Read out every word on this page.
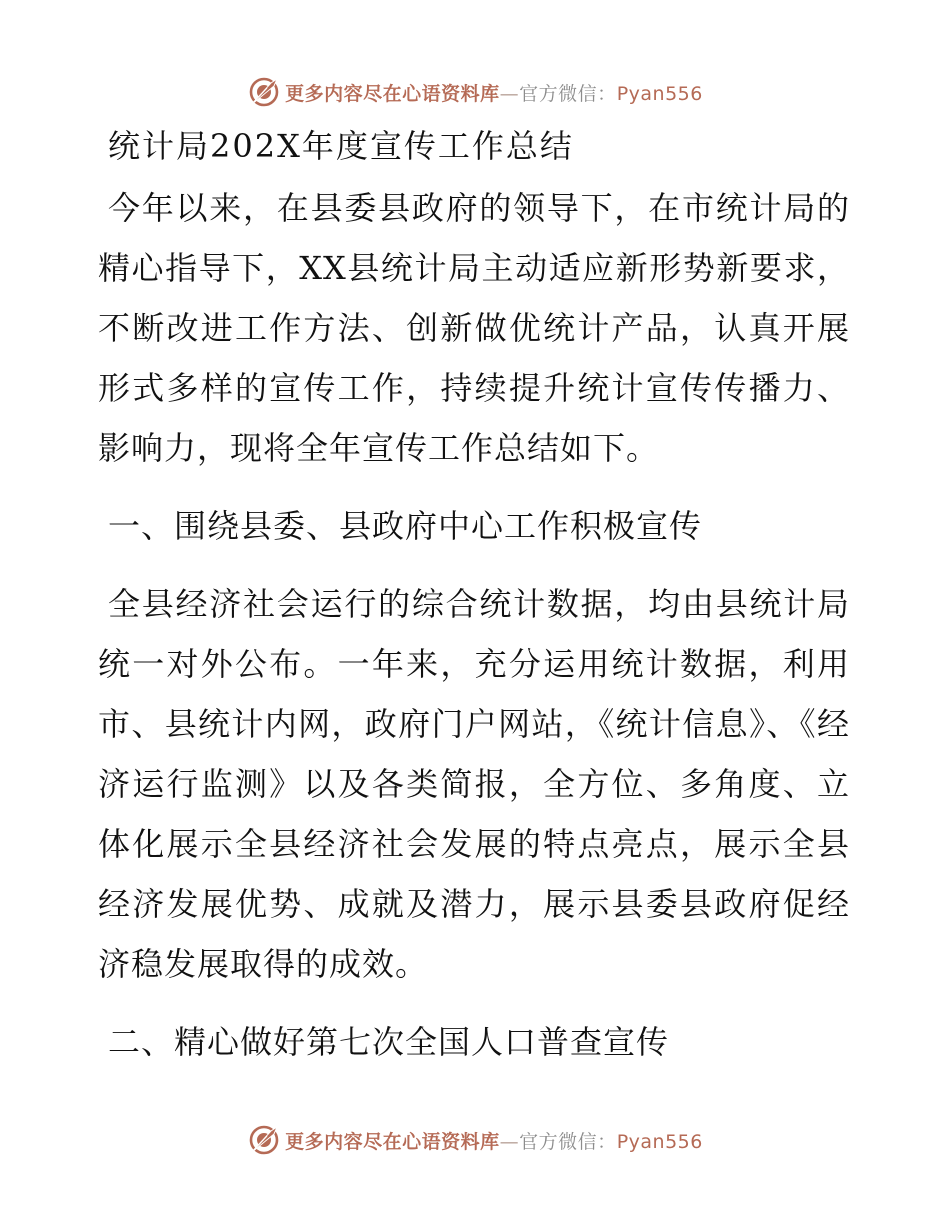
更多内容尽在心语资料库—官方微信：Pyan556
统计局202X年度宣传工作总结

今年以来，在县委县政府的领导下，在市统计局的精心指导下，XX县统计局主动适应新形势新要求，不断改进工作方法、创新做优统计产品，认真开展形式多样的宣传工作，持续提升统计宣传传播力、影响力，现将全年宣传工作总结如下。

一、围绕县委、县政府中心工作积极宣传

全县经济社会运行的综合统计数据，均由县统计局统一对外公布。一年来，充分运用统计数据，利用市、县统计内网，政府门户网站，《统计信息》、《经济运行监测》以及各类简报，全方位、多角度、立体化展示全县经济社会发展的特点亮点，展示全县经济发展优势、成就及潜力，展示县委县政府促经济稳发展取得的成效。

二、精心做好第七次全国人口普查宣传
更多内容尽在心语资料库—官方微信：Pyan556
